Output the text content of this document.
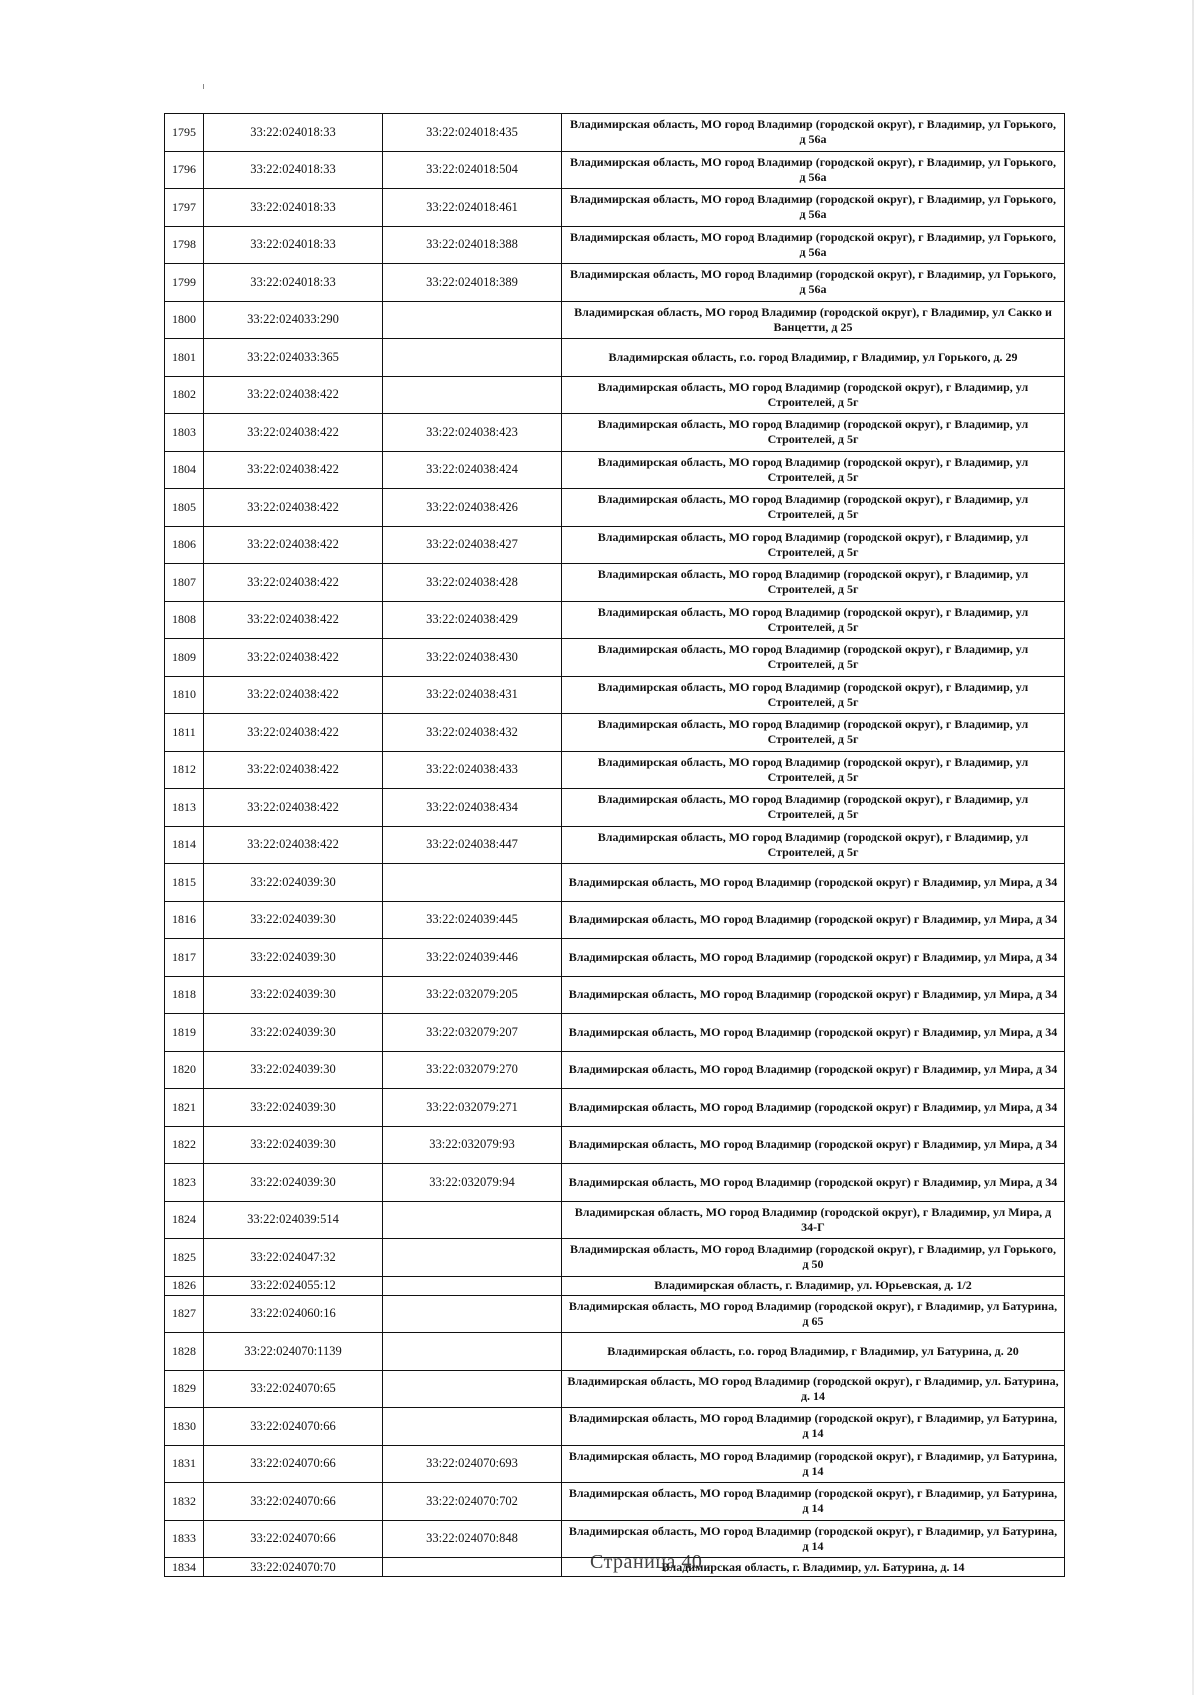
1795	33:22:024018:33	33:22:024018:435	Владимирская область, МО город Владимир (городской округ), г Владимир, ул Горького, д 56а
1796	33:22:024018:33	33:22:024018:504	Владимирская область, МО город Владимир (городской округ), г Владимир, ул Горького, д 56а
1797	33:22:024018:33	33:22:024018:461	Владимирская область, МО город Владимир (городской округ), г Владимир, ул Горького, д 56а
1798	33:22:024018:33	33:22:024018:388	Владимирская область, МО город Владимир (городской округ), г Владимир, ул Горького, д 56а
1799	33:22:024018:33	33:22:024018:389	Владимирская область, МО город Владимир (городской округ), г Владимир, ул Горького, д 56а
1800	33:22:024033:290		Владимирская область, МО город Владимир (городской округ), г Владимир, ул Сакко и Ванцетти, д 25
1801	33:22:024033:365		Владимирская область, г.о. город Владимир, г Владимир, ул Горького, д. 29
1802	33:22:024038:422		Владимирская область, МО город Владимир (городской округ), г Владимир, ул Строителей, д 5г
1803	33:22:024038:422	33:22:024038:423	Владимирская область, МО город Владимир (городской округ), г Владимир, ул Строителей, д 5г
1804	33:22:024038:422	33:22:024038:424	Владимирская область, МО город Владимир (городской округ), г Владимир, ул Строителей, д 5г
1805	33:22:024038:422	33:22:024038:426	Владимирская область, МО город Владимир (городской округ), г Владимир, ул Строителей, д 5г
1806	33:22:024038:422	33:22:024038:427	Владимирская область, МО город Владимир (городской округ), г Владимир, ул Строителей, д 5г
1807	33:22:024038:422	33:22:024038:428	Владимирская область, МО город Владимир (городской округ), г Владимир, ул Строителей, д 5г
1808	33:22:024038:422	33:22:024038:429	Владимирская область, МО город Владимир (городской округ), г Владимир, ул Строителей, д 5г
1809	33:22:024038:422	33:22:024038:430	Владимирская область, МО город Владимир (городской округ), г Владимир, ул Строителей, д 5г
1810	33:22:024038:422	33:22:024038:431	Владимирская область, МО город Владимир (городской округ), г Владимир, ул Строителей, д 5г
1811	33:22:024038:422	33:22:024038:432	Владимирская область, МО город Владимир (городской округ), г Владимир, ул Строителей, д 5г
1812	33:22:024038:422	33:22:024038:433	Владимирская область, МО город Владимир (городской округ), г Владимир, ул Строителей, д 5г
1813	33:22:024038:422	33:22:024038:434	Владимирская область, МО город Владимир (городской округ), г Владимир, ул Строителей, д 5г
1814	33:22:024038:422	33:22:024038:447	Владимирская область, МО город Владимир (городской округ), г Владимир, ул Строителей, д 5г
1815	33:22:024039:30		Владимирская область, МО город Владимир (городской округ) г Владимир, ул Мира, д 34
1816	33:22:024039:30	33:22:024039:445	Владимирская область, МО город Владимир (городской округ) г Владимир, ул Мира, д 34
1817	33:22:024039:30	33:22:024039:446	Владимирская область, МО город Владимир (городской округ) г Владимир, ул Мира, д 34
1818	33:22:024039:30	33:22:032079:205	Владимирская область, МО город Владимир (городской округ) г Владимир, ул Мира, д 34
1819	33:22:024039:30	33:22:032079:207	Владимирская область, МО город Владимир (городской округ) г Владимир, ул Мира, д 34
1820	33:22:024039:30	33:22:032079:270	Владимирская область, МО город Владимир (городской округ) г Владимир, ул Мира, д 34
1821	33:22:024039:30	33:22:032079:271	Владимирская область, МО город Владимир (городской округ) г Владимир, ул Мира, д 34
1822	33:22:024039:30	33:22:032079:93	Владимирская область, МО город Владимир (городской округ) г Владимир, ул Мира, д 34
1823	33:22:024039:30	33:22:032079:94	Владимирская область, МО город Владимир (городской округ) г Владимир, ул Мира, д 34
1824	33:22:024039:514		Владимирская область, МО город Владимир (городской округ), г Владимир, ул Мира, д 34-Г
1825	33:22:024047:32		Владимирская область, МО город Владимир (городской округ), г Владимир, ул Горького, д 50
1826	33:22:024055:12		Владимирская область, г. Владимир, ул. Юрьевская, д. 1/2
1827	33:22:024060:16		Владимирская область, МО город Владимир (городской округ), г Владимир, ул Батурина, д 65
1828	33:22:024070:1139		Владимирская область, г.о. город Владимир, г Владимир, ул Батурина, д. 20
1829	33:22:024070:65		Владимирская область, МО город Владимир (городской округ), г Владимир, ул. Батурина, д. 14
1830	33:22:024070:66		Владимирская область, МО город Владимир (городской округ), г Владимир, ул Батурина, д 14
1831	33:22:024070:66	33:22:024070:693	Владимирская область, МО город Владимир (городской округ), г Владимир, ул Батурина, д 14
1832	33:22:024070:66	33:22:024070:702	Владимирская область, МО город Владимир (городской округ), г Владимир, ул Батурина, д 14
1833	33:22:024070:66	33:22:024070:848	Владимирская область, МО город Владимир (городской округ), г Владимир, ул Батурина, д 14
1834	33:22:024070:70		Владимирская область, г. Владимир, ул. Батурина, д. 14
Страница 40
